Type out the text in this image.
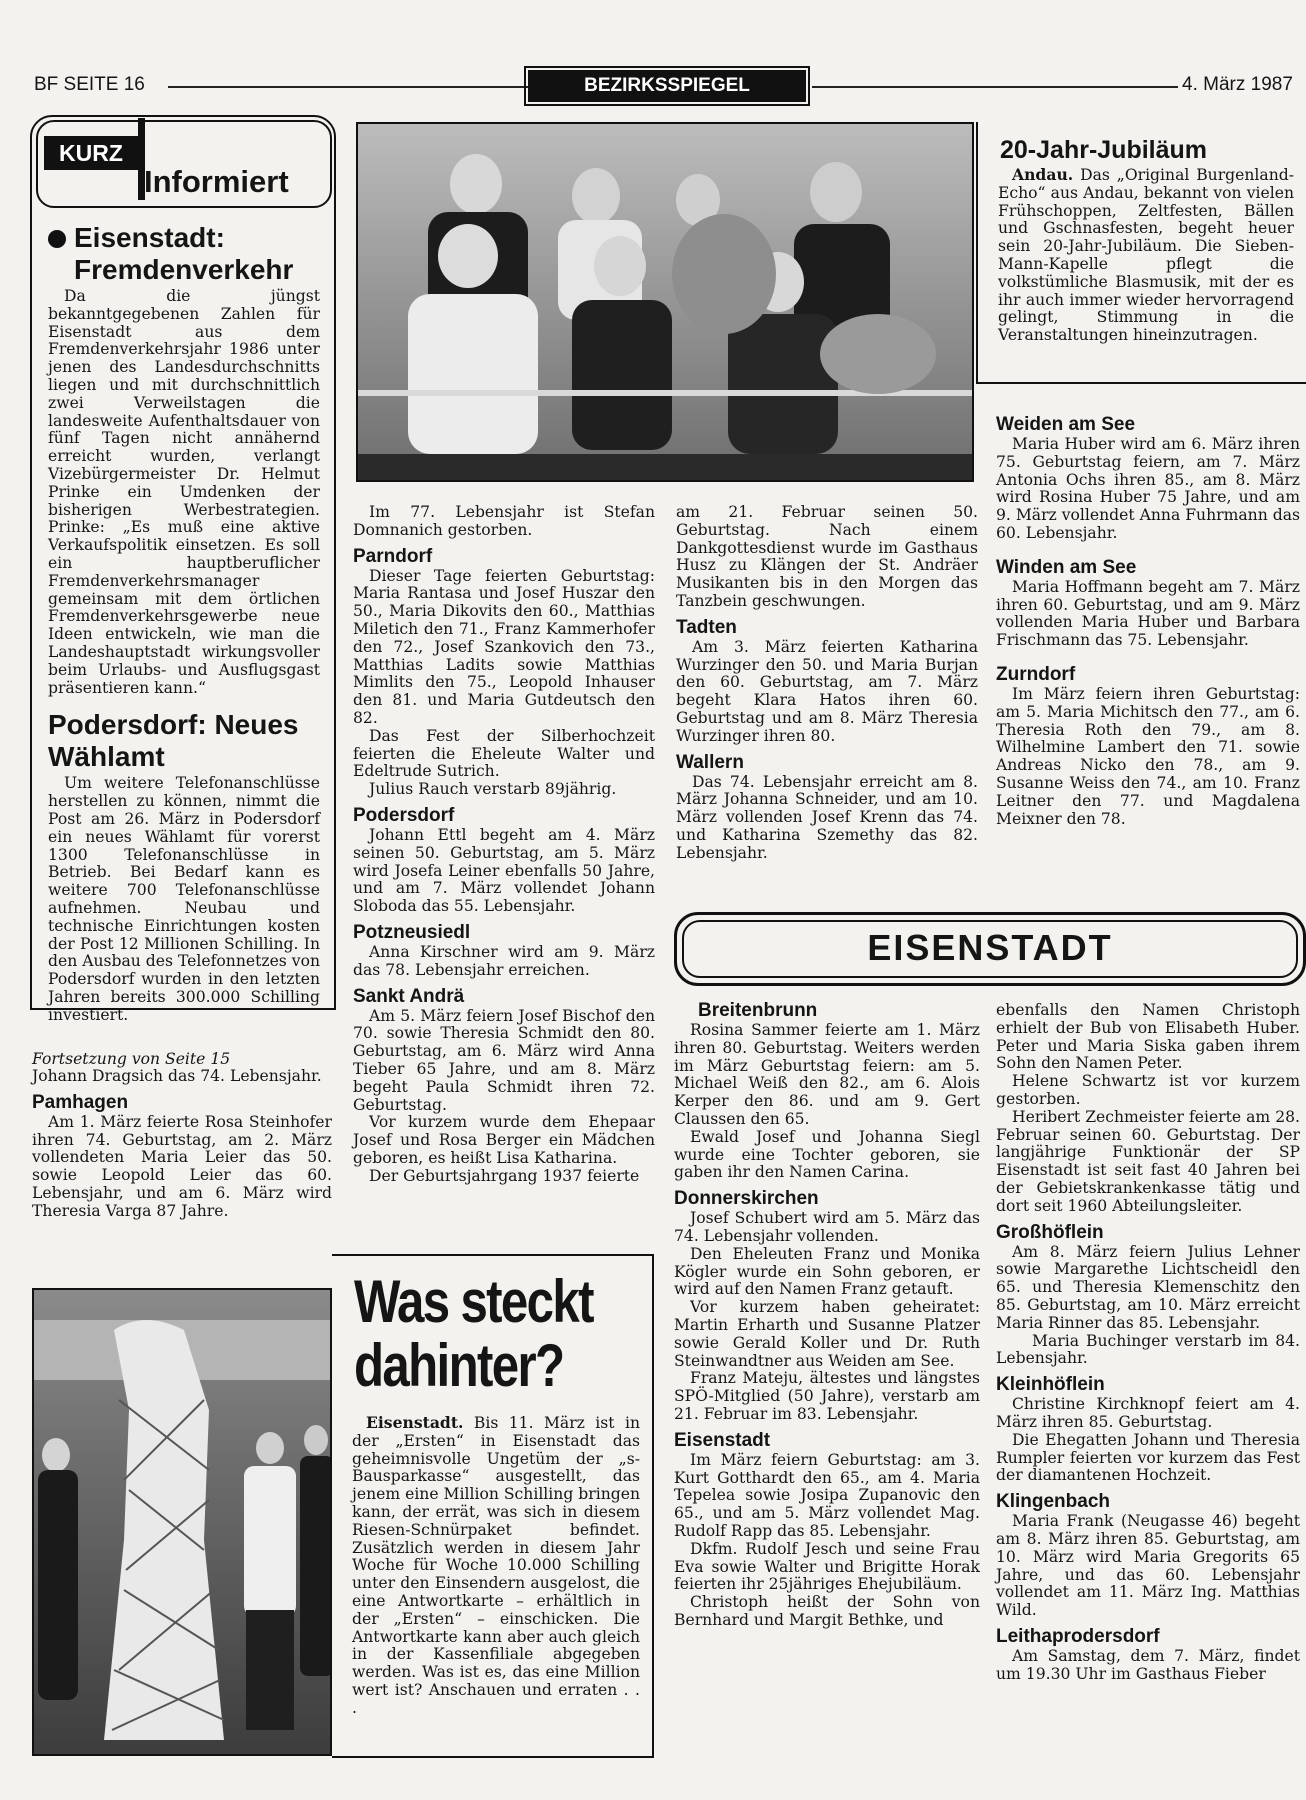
BF SEITE 16	BEZIRKSSPIEGEL	4. März 1987
KURZ
Informiert
Eisenstadt: Fremdenverkehr
Da die jüngst bekanntgegebenen Zahlen für Eisenstadt aus dem Fremdenverkehrsjahr 1986 unter jenen des Landesdurchschnitts liegen und mit durchschnittlich zwei Verweilstagen die landesweite Aufenthaltsdauer von fünf Tagen nicht annähernd erreicht wurden, verlangt Vizebürgermeister Dr. Helmut Prinke ein Umdenken der bisherigen Werbestrategien. Prinke: „Es muß eine aktive Verkaufspolitik einsetzen. Es soll ein hauptberuflicher Fremdenverkehrsmanager gemeinsam mit dem örtlichen Fremdenverkehrsgewerbe neue Ideen entwickeln, wie man die Landeshauptstadt wirkungsvoller beim Urlaubs- und Ausflugsgast präsentieren kann.“
Podersdorf: Neues Wählamt
Um weitere Telefonanschlüsse herstellen zu können, nimmt die Post am 26. März in Podersdorf ein neues Wählamt für vorerst 1300 Telefonanschlüsse in Betrieb. Bei Bedarf kann es weitere 700 Telefonanschlüsse aufnehmen. Neubau und technische Einrichtungen kosten der Post 12 Millionen Schilling. In den Ausbau des Telefonnetzes von Podersdorf wurden in den letzten Jahren bereits 300.000 Schilling investiert.
Fortsetzung von Seite 15
Johann Dragsich das 74. Lebensjahr.
Pamhagen
Am 1. März feierte Rosa Steinhofer ihren 74. Geburtstag, am 2. März vollendeten Maria Leier das 50. sowie Leopold Leier das 60. Lebensjahr, und am 6. März wird Theresia Varga 87 Jahre.
20-Jahr-Jubiläum
Andau. Das „Original Burgenland-Echo“ aus Andau, bekannt von vielen Frühschoppen, Zeltfesten, Bällen und Gschnasfesten, begeht heuer sein 20-Jahr-Jubiläum. Die Sieben-Mann-Kapelle pflegt die volkstümliche Blasmusik, mit der es ihr auch immer wieder hervorragend gelingt, Stimmung in die Veranstaltungen hineinzutragen.
Im 77. Lebensjahr ist Stefan Domnanich gestorben.
Parndorf
Dieser Tage feierten Geburtstag: Maria Rantasa und Josef Huszar den 50., Maria Dikovits den 60., Matthias Miletich den 71., Franz Kammerhofer den 72., Josef Szankovich den 73., Matthias Ladits sowie Matthias Mimlits den 75., Leopold Inhauser den 81. und Maria Gutdeutsch den 82.
Das Fest der Silberhochzeit feierten die Eheleute Walter und Edeltrude Sutrich.
Julius Rauch verstarb 89jährig.
Podersdorf
Johann Ettl begeht am 4. März seinen 50. Geburtstag, am 5. März wird Josefa Leiner ebenfalls 50 Jahre, und am 7. März vollendet Johann Sloboda das 55. Lebensjahr.
Potzneusiedl
Anna Kirschner wird am 9. März das 78. Lebensjahr erreichen.
Sankt Andrä
Am 5. März feiern Josef Bischof den 70. sowie Theresia Schmidt den 80. Geburtstag, am 6. März wird Anna Tieber 65 Jahre, und am 8. März begeht Paula Schmidt ihren 72. Geburtstag.
Vor kurzem wurde dem Ehepaar Josef und Rosa Berger ein Mädchen geboren, es heißt Lisa Katharina.
Der Geburtsjahrgang 1937 feierte
am 21. Februar seinen 50. Geburtstag. Nach einem Dankgottesdienst wurde im Gasthaus Husz zu Klängen der St. Andräer Musikanten bis in den Morgen das Tanzbein geschwungen.
Tadten
Am 3. März feierten Katharina Wurzinger den 50. und Maria Burjan den 60. Geburtstag, am 7. März begeht Klara Hatos ihren 60. Geburtstag und am 8. März Theresia Wurzinger ihren 80.
Wallern
Das 74. Lebensjahr erreicht am 8. März Johanna Schneider, und am 10. März vollenden Josef Krenn das 74. und Katharina Szemethy das 82. Lebensjahr.
Weiden am See
Maria Huber wird am 6. März ihren 75. Geburtstag feiern, am 7. März Antonia Ochs ihren 85., am 8. März wird Rosina Huber 75 Jahre, und am 9. März vollendet Anna Fuhrmann das 60. Lebensjahr.
Winden am See
Maria Hoffmann begeht am 7. März ihren 60. Geburtstag, und am 9. März vollenden Maria Huber und Barbara Frischmann das 75. Lebensjahr.
Zurndorf
Im März feiern ihren Geburtstag: am 5. Maria Michitsch den 77., am 6. Theresia Roth den 79., am 8. Wilhelmine Lambert den 71. sowie Andreas Nicko den 78., am 9. Susanne Weiss den 74., am 10. Franz Leitner den 77. und Magdalena Meixner den 78.
EISENSTADT
Breitenbrunn
Rosina Sammer feierte am 1. März ihren 80. Geburtstag. Weiters werden im März Geburtstag feiern: am 5. Michael Weiß den 82., am 6. Alois Kerper den 86. und am 9. Gert Claussen den 65.
Ewald Josef und Johanna Siegl wurde eine Tochter geboren, sie gaben ihr den Namen Carina.
Donnerskirchen
Josef Schubert wird am 5. März das 74. Lebensjahr vollenden.
Den Eheleuten Franz und Monika Kögler wurde ein Sohn geboren, er wird auf den Namen Franz getauft.
Vor kurzem haben geheiratet: Martin Erharth und Susanne Platzer sowie Gerald Koller und Dr. Ruth Steinwandtner aus Weiden am See.
Franz Mateju, ältestes und längstes SPÖ-Mitglied (50 Jahre), verstarb am 21. Februar im 83. Lebensjahr.
Eisenstadt
Im März feiern Geburtstag: am 3. Kurt Gotthardt den 65., am 4. Maria Tepelea sowie Josipa Zupanovic den 65., und am 5. März vollendet Mag. Rudolf Rapp das 85. Lebensjahr.
Dkfm. Rudolf Jesch und seine Frau Eva sowie Walter und Brigitte Horak feierten ihr 25jähriges Ehejubiläum.
Christoph heißt der Sohn von Bernhard und Margit Bethke, und
ebenfalls den Namen Christoph erhielt der Bub von Elisabeth Huber. Peter und Maria Siska gaben ihrem Sohn den Namen Peter.
Helene Schwartz ist vor kurzem gestorben.
Heribert Zechmeister feierte am 28. Februar seinen 60. Geburtstag. Der langjährige Funktionär der SP Eisenstadt ist seit fast 40 Jahren bei der Gebietskrankenkasse tätig und dort seit 1960 Abteilungsleiter.
Großhöflein
Am 8. März feiern Julius Lehner sowie Margarethe Lichtscheidl den 65. und Theresia Klemenschitz den 85. Geburtstag, am 10. März erreicht Maria Rinner das 85. Lebensjahr.
Maria Buchinger verstarb im 84. Lebensjahr.
Kleinhöflein
Christine Kirchknopf feiert am 4. März ihren 85. Geburtstag.
Die Ehegatten Johann und Theresia Rumpler feierten vor kurzem das Fest der diamantenen Hochzeit.
Klingenbach
Maria Frank (Neugasse 46) begeht am 8. März ihren 85. Geburtstag, am 10. März wird Maria Gregorits 65 Jahre, und das 60. Lebensjahr vollendet am 11. März Ing. Matthias Wild.
Leithaprodersdorf
Am Samstag, dem 7. März, findet um 19.30 Uhr im Gasthaus Fieber
Was steckt dahinter?
Eisenstadt. Bis 11. März ist in der „Ersten“ in Eisenstadt das geheimnisvolle Ungetüm der „s-Bausparkasse“ ausgestellt, das jenem eine Million Schilling bringen kann, der errät, was sich in diesem Riesen-Schnürpaket befindet. Zusätzlich werden in diesem Jahr Woche für Woche 10.000 Schilling unter den Einsendern ausgelost, die eine Antwortkarte – erhältlich in der „Ersten“ – einschicken. Die Antwortkarte kann aber auch gleich in der Kassenfiliale abgegeben werden. Was ist es, das eine Million wert ist? Anschauen und erraten . . .
